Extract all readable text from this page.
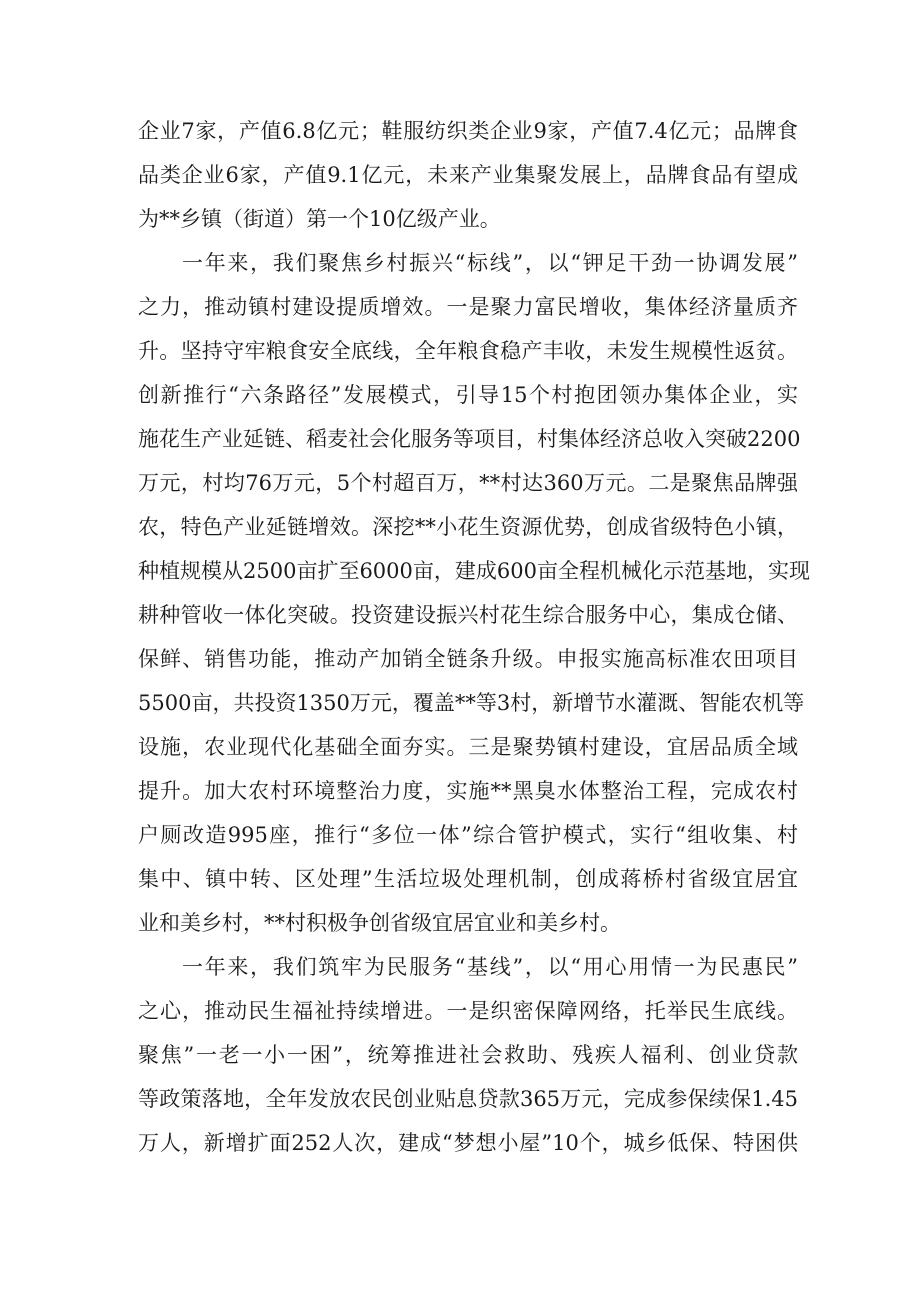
企业7家，产值6.8亿元；鞋服纺织类企业9家，产值7.4亿元；品牌食
品类企业6家，产值9.1亿元，未来产业集聚发展上，品牌食品有望成
为**乡镇（街道）第一个10亿级产业。
一年来，我们聚焦乡村振兴“标线”，以“钾足干劲一协调发展”
之力，推动镇村建设提质增效。一是聚力富民增收，集体经济量质齐
升。坚持守牢粮食安全底线，全年粮食稳产丰收，未发生规模性返贫。
创新推行“六条路径”发展模式，引导15个村抱团领办集体企业，实
施花生产业延链、稻麦社会化服务等项目，村集体经济总收入突破2200
万元，村均76万元，5个村超百万，**村达360万元。二是聚焦品牌强
农，特色产业延链增效。深挖**小花生资源优势，创成省级特色小镇，
种植规模从2500亩扩至6000亩，建成600亩全程机械化示范基地，实现
耕种管收一体化突破。投资建设振兴村花生综合服务中心，集成仓储、
保鲜、销售功能，推动产加销全链条升级。申报实施高标准农田项目
5500亩，共投资1350万元，覆盖**等3村，新增节水灌溉、智能农机等
设施，农业现代化基础全面夯实。三是聚势镇村建设，宜居品质全域
提升。加大农村环境整治力度，实施**黑臭水体整治工程，完成农村
户厕改造995座，推行“多位一体”综合管护模式，实行“组收集、村
集中、镇中转、区处理”生活垃圾处理机制，创成蒋桥村省级宜居宜
业和美乡村，**村积极争创省级宜居宜业和美乡村。
一年来，我们筑牢为民服务“基线”，以“用心用情一为民惠民”
之心，推动民生福祉持续增进。一是织密保障网络，托举民生底线。
聚焦”一老一小一困”，统筹推进社会救助、残疾人福利、创业贷款
等政策落地，全年发放农民创业贴息贷款365万元，完成参保续保1.45
万人，新增扩面252人次，建成“梦想小屋”10个，城乡低保、特困供
